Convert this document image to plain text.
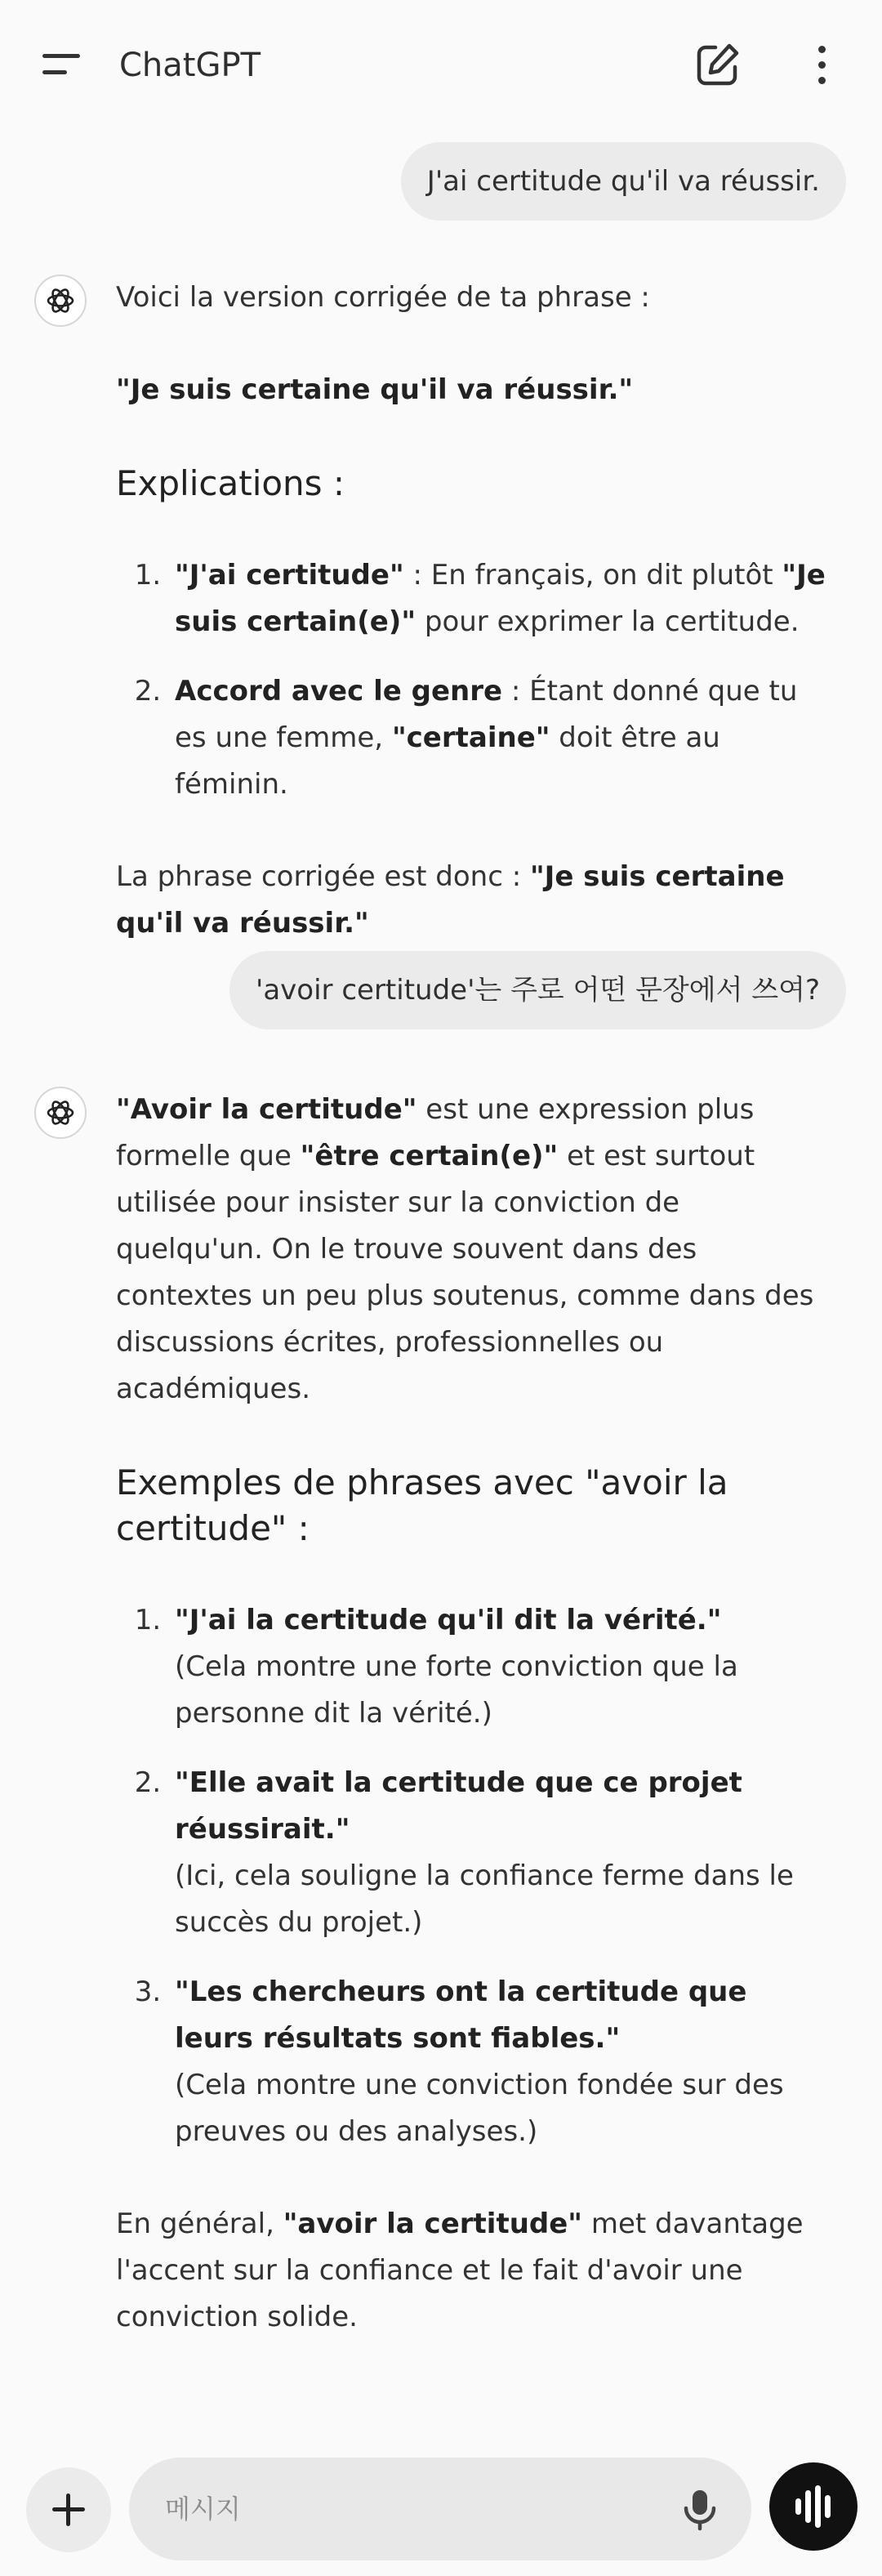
ChatGPT
J'ai certitude qu'il va réussir.

Voici la version corrigée de ta phrase :

"Je suis certaine qu'il va réussir."

Explications :
1. "J'ai certitude" : En français, on dit plutôt "Je suis certain(e)" pour exprimer la certitude.
2. Accord avec le genre : Étant donné que tu es une femme, "certaine" doit être au féminin.

La phrase corrigée est donc : "Je suis certaine qu'il va réussir."

'avoir certitude'는 주로 어떤 문장에서 쓰여?

"Avoir la certitude" est une expression plus formelle que "être certain(e)" et est surtout utilisée pour insister sur la conviction de quelqu'un. On le trouve souvent dans des contextes un peu plus soutenus, comme dans des discussions écrites, professionnelles ou académiques.

Exemples de phrases avec "avoir la certitude" :
1. "J'ai la certitude qu'il dit la vérité."
(Cela montre une forte conviction que la personne dit la vérité.)
2. "Elle avait la certitude que ce projet réussirait."
(Ici, cela souligne la confiance ferme dans le succès du projet.)
3. "Les chercheurs ont la certitude que leurs résultats sont fiables."
(Cela montre une conviction fondée sur des preuves ou des analyses.)

En général, "avoir la certitude" met davantage l'accent sur la confiance et le fait d'avoir une conviction solide.

메시지
